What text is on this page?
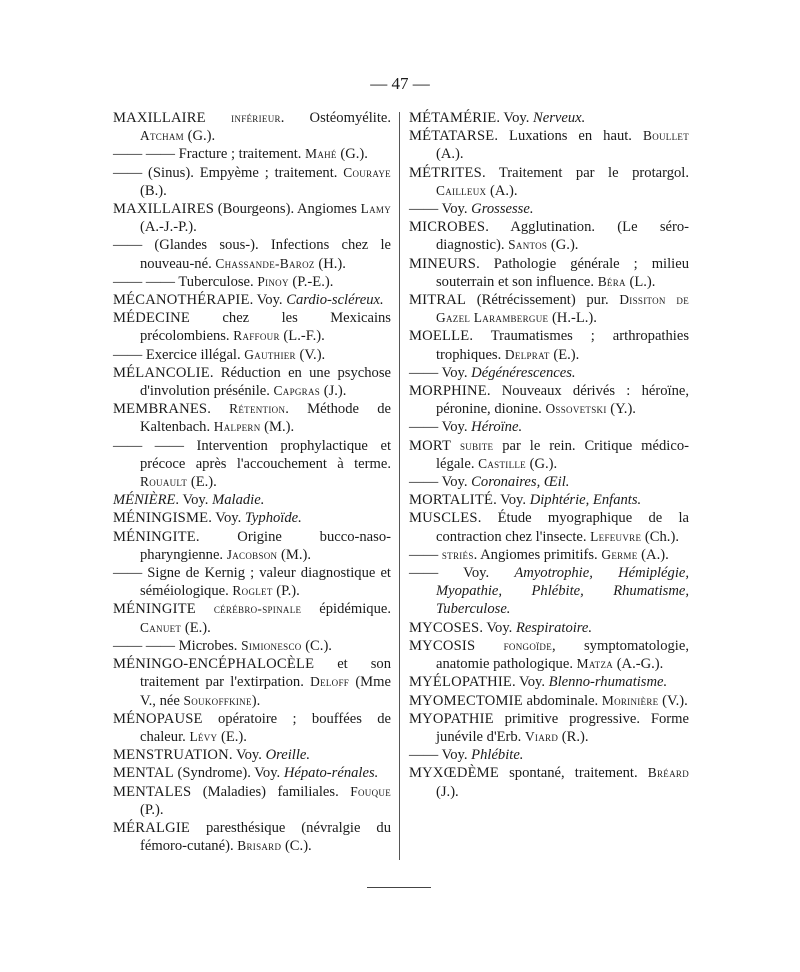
— 47 —

MAXILLAIRE inférieur. Ostéomyélite. Atcham (G.).

—— —— Fracture ; traitement. Mahé (G.).

—— (Sinus). Empyème ; traitement. Couraye (B.).

MAXILLAIRES (Bourgeons). Angiomes Lamy (A.-J.-P.).

—— (Glandes sous-). Infections chez le nouveau-né. Chassande-Baroz (H.).

—— —— Tuberculose. Pinoy (P.-E.).

MÉCANOTHÉRAPIE. Voy. Cardio-scléreux.

MÉDECINE chez les Mexicains précolombiens. Raffour (L.-F.).

—— Exercice illégal. Gauthier (V.).

MÉLANCOLIE. Réduction en une psychose d'involution présénile. Capgras (J.).

MEMBRANES. Rétention. Méthode de Kaltenbach. Halpern (M.).

—— —— Intervention prophylactique et précoce après l'accouchement à terme. Rouault (E.).

MÉNIÈRE. Voy. Maladie.

MÉNINGISME. Voy. Typhoïde.

MÉNINGITE. Origine bucco-naso-pharyngienne. Jacobson (M.).

—— Signe de Kernig ; valeur diagnostique et séméiologique. Roglet (P.).

MÉNINGITE cérébro-spinale épidémique. Canuet (E.).

—— —— Microbes. Simionesco (C.).

MÉNINGO-ENCÉPHALOCÈLE et son traitement par l'extirpation. Deloff (Mme V., née Soukoffkine).

MÉNOPAUSE opératoire ; bouffées de chaleur. Lévy (E.).

MENSTRUATION. Voy. Oreille.

MENTAL (Syndrome). Voy. Hépato-rénales.

MENTALES (Maladies) familiales. Fouque (P.).

MÉRALGIE paresthésique (névralgie du fémoro-cutané). Brisard (C.).

MÉTAMÉRIE. Voy. Nerveux.

MÉTATARSE. Luxations en haut. Boullet (A.).

MÉTRITES. Traitement par le protargol. Cailleux (A.).

—— Voy. Grossesse.

MICROBES. Agglutination. (Le séro-diagnostic). Santos (G.).

MINEURS. Pathologie générale ; milieu souterrain et son influence. Béra (L.).

MITRAL (Rétrécissement) pur. Dissiton de Gazel Larambergue (H.-L.).

MOELLE. Traumatismes ; arthropathies trophiques. Delprat (E.).

—— Voy. Dégénérescences.

MORPHINE. Nouveaux dérivés : héroïne, péronine, dionine. Ossovetski (Y.).

—— Voy. Héroïne.

MORT subite par le rein. Critique médico-légale. Castille (G.).

—— Voy. Coronaires, Œil.

MORTALITÉ. Voy. Diphtérie, Enfants.

MUSCLES. Étude myographique de la contraction chez l'insecte. Lefeuvre (Ch.).

—— striés. Angiomes primitifs. Germe (A.).

—— Voy. Amyotrophie, Hémiplégie, Myopathie, Phlébite, Rhumatisme, Tuberculose.

MYCOSES. Voy. Respiratoire.

MYCOSIS fongoïde, symptomatologie, anatomie pathologique. Matza (A.-G.).

MYÉLOPATHIE. Voy. Blenno-rhumatisme.

MYOMECTOMIE abdominale. Morinière (V.).

MYOPATHIE primitive progressive. Forme junévile d'Erb. Viard (R.).

—— Voy. Phlébite.

MYXŒDÈME spontané, traitement. Bréard (J.).
